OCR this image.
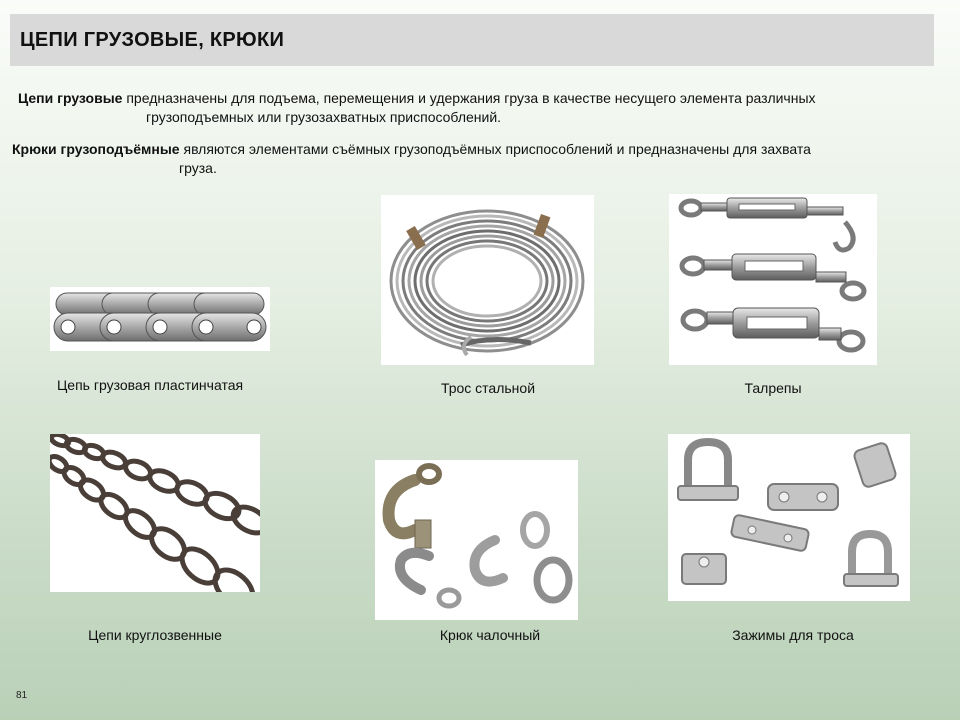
ЦЕПИ ГРУЗОВЫЕ, КРЮКИ
Цепи грузовые предназначены для подъема, перемещения и удержания груза в качестве несущего элемента различных
грузоподъемных или грузозахватных приспособлений.
Крюки грузоподъёмные являются элементами съёмных грузоподъёмных приспособлений и предназначены для захвата
груза.
Цепь грузовая пластинчатая	Трос стальной	Талрепы
Цепи круглозвенные	Крюк чалочный	Зажимы для троса
81
